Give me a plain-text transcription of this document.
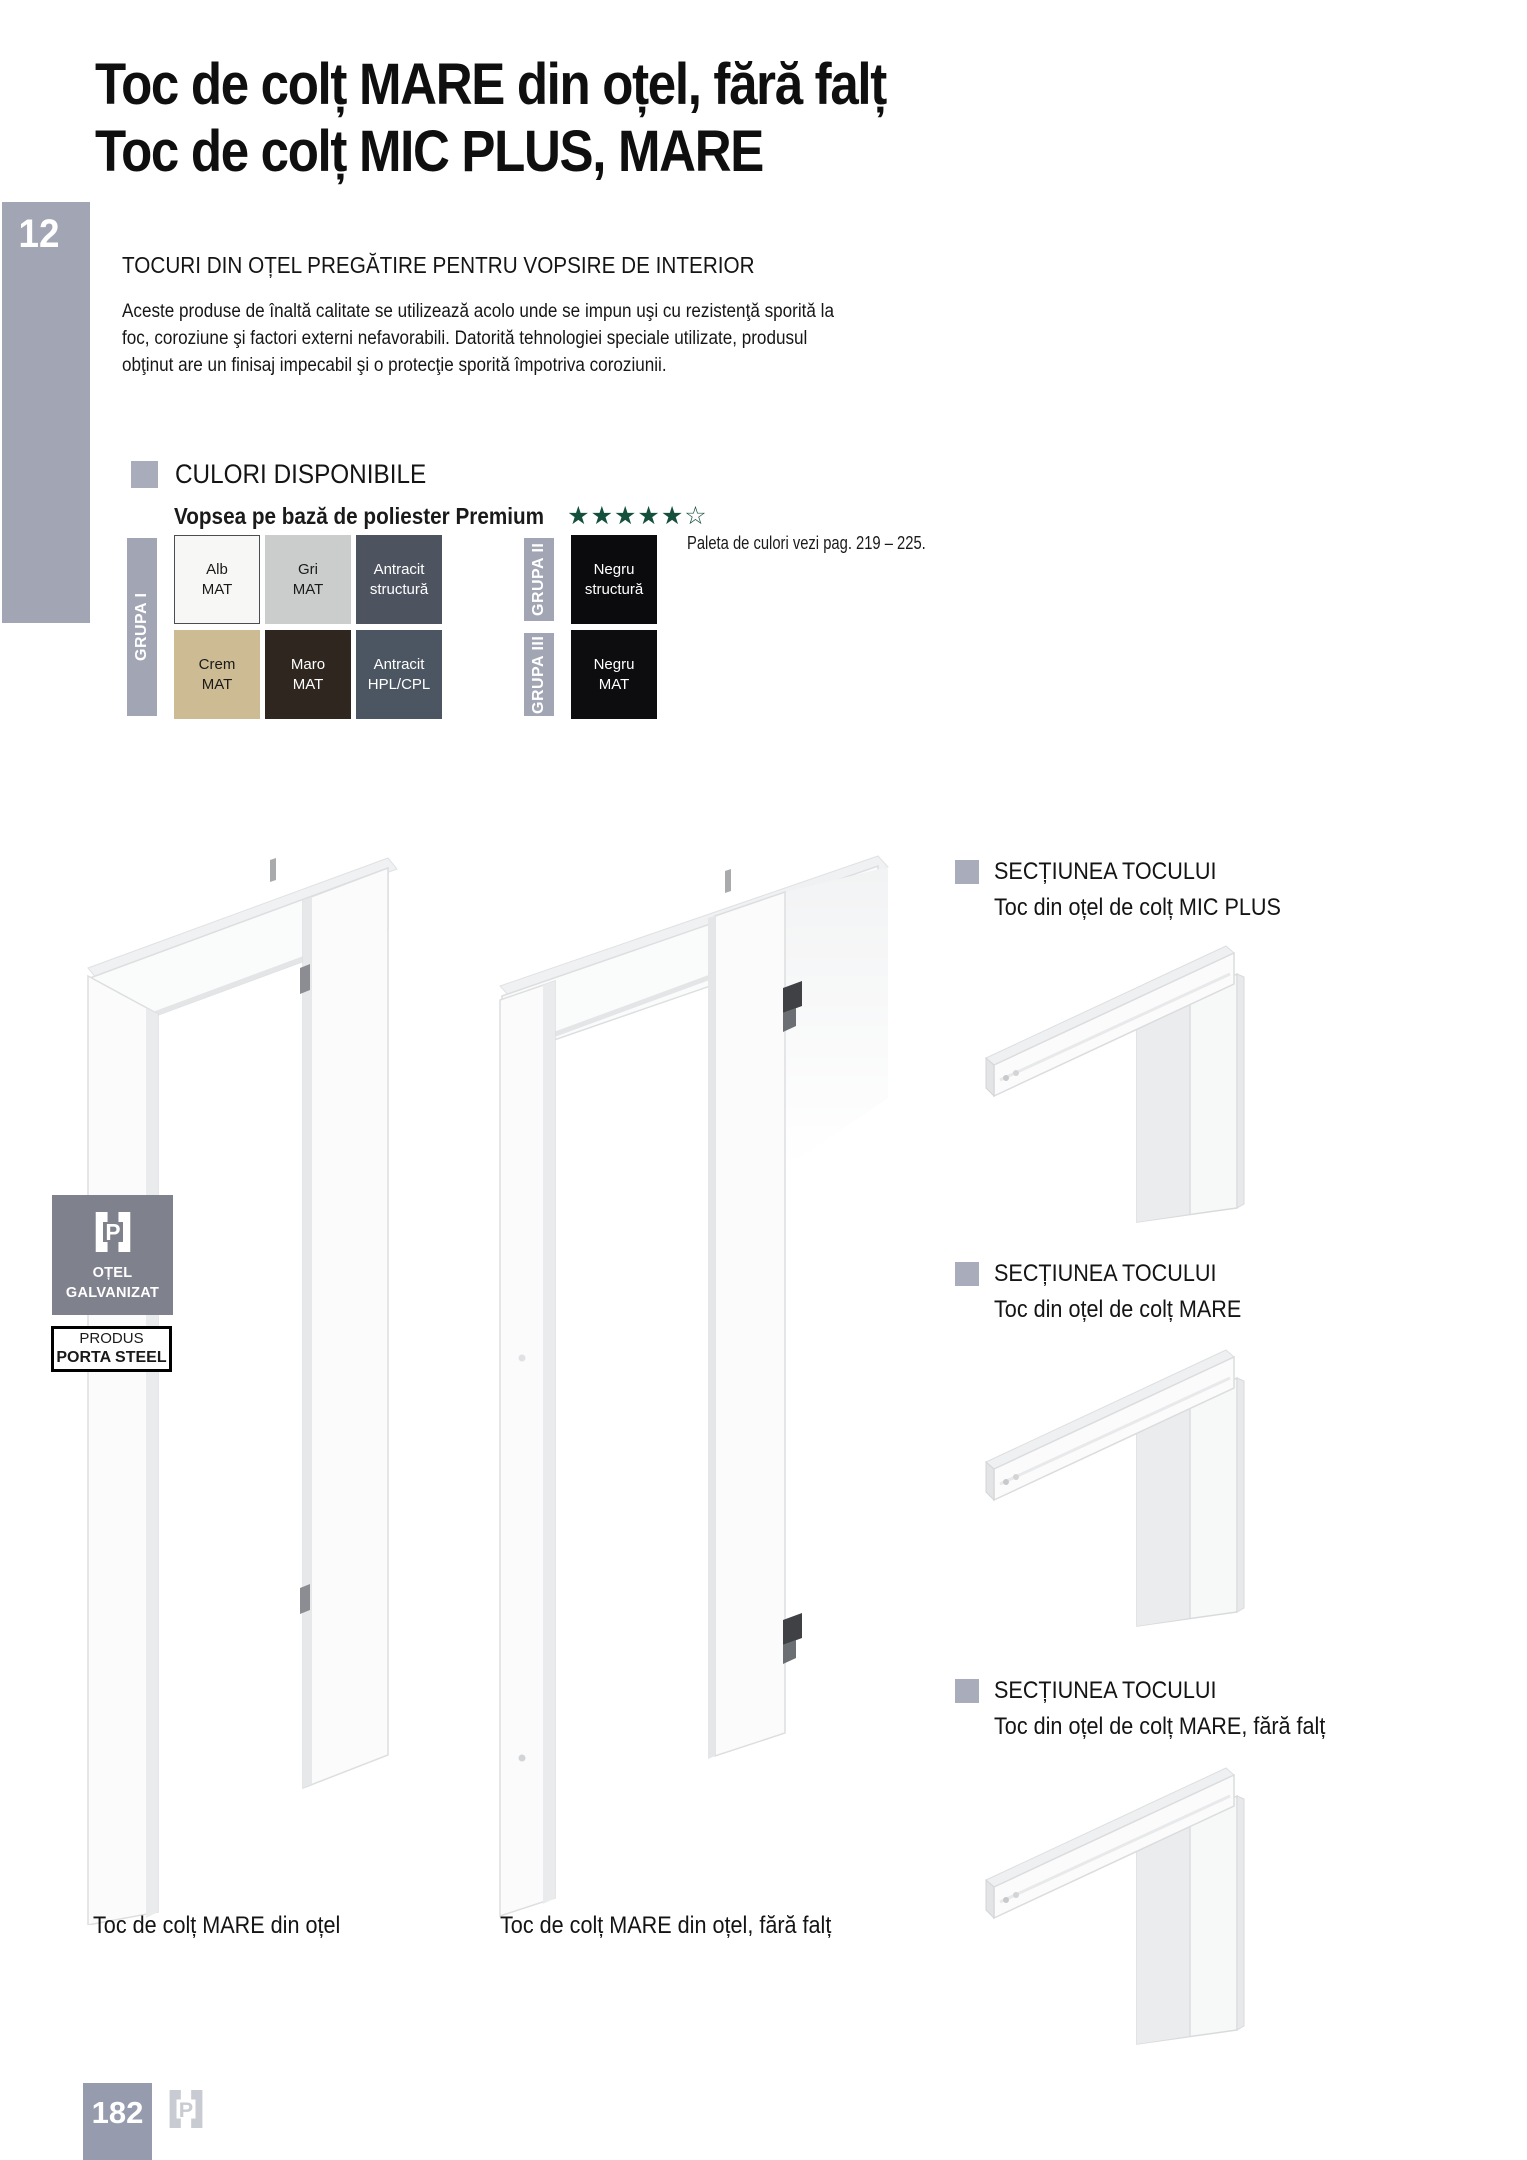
Toc de colț MARE din oțel, fără falț
Toc de colț MIC PLUS, MARE
12
TOCURI DIN OȚEL PREGĂTIRE PENTRU VOPSIRE DE INTERIOR
Aceste produse de înaltă calitate se utilizează acolo unde se impun uşi cu rezistenţă sporită la
foc, coroziune şi factori externi nefavorabili. Datorită tehnologiei speciale utilizate, produsul
obţinut are un finisaj impecabil şi o protecţie sporită împotriva coroziunii.
CULORI DISPONIBILE
Vopsea pe bază de poliester Premium ★★★★★☆
Paleta de culori vezi pag. 219 – 225.
GRUPA I
Alb
MAT
Gri
MAT
Antracit
structură
Crem
MAT
Maro
MAT
Antracit
HPL/CPL
GRUPA II	Negru
structură
GRUPA III	Negru
MAT
P
OȚEL
GALVANIZAT
PRODUS
PORTA STEEL
SECȚIUNEA TOCULUI
Toc din oțel de colț MIC PLUS
SECȚIUNEA TOCULUI
Toc din oțel de colț MARE
SECȚIUNEA TOCULUI
Toc din oțel de colț MARE, fără falț
Toc de colț MARE din oțel	Toc de colț MARE din oțel, fără falț
182	P
